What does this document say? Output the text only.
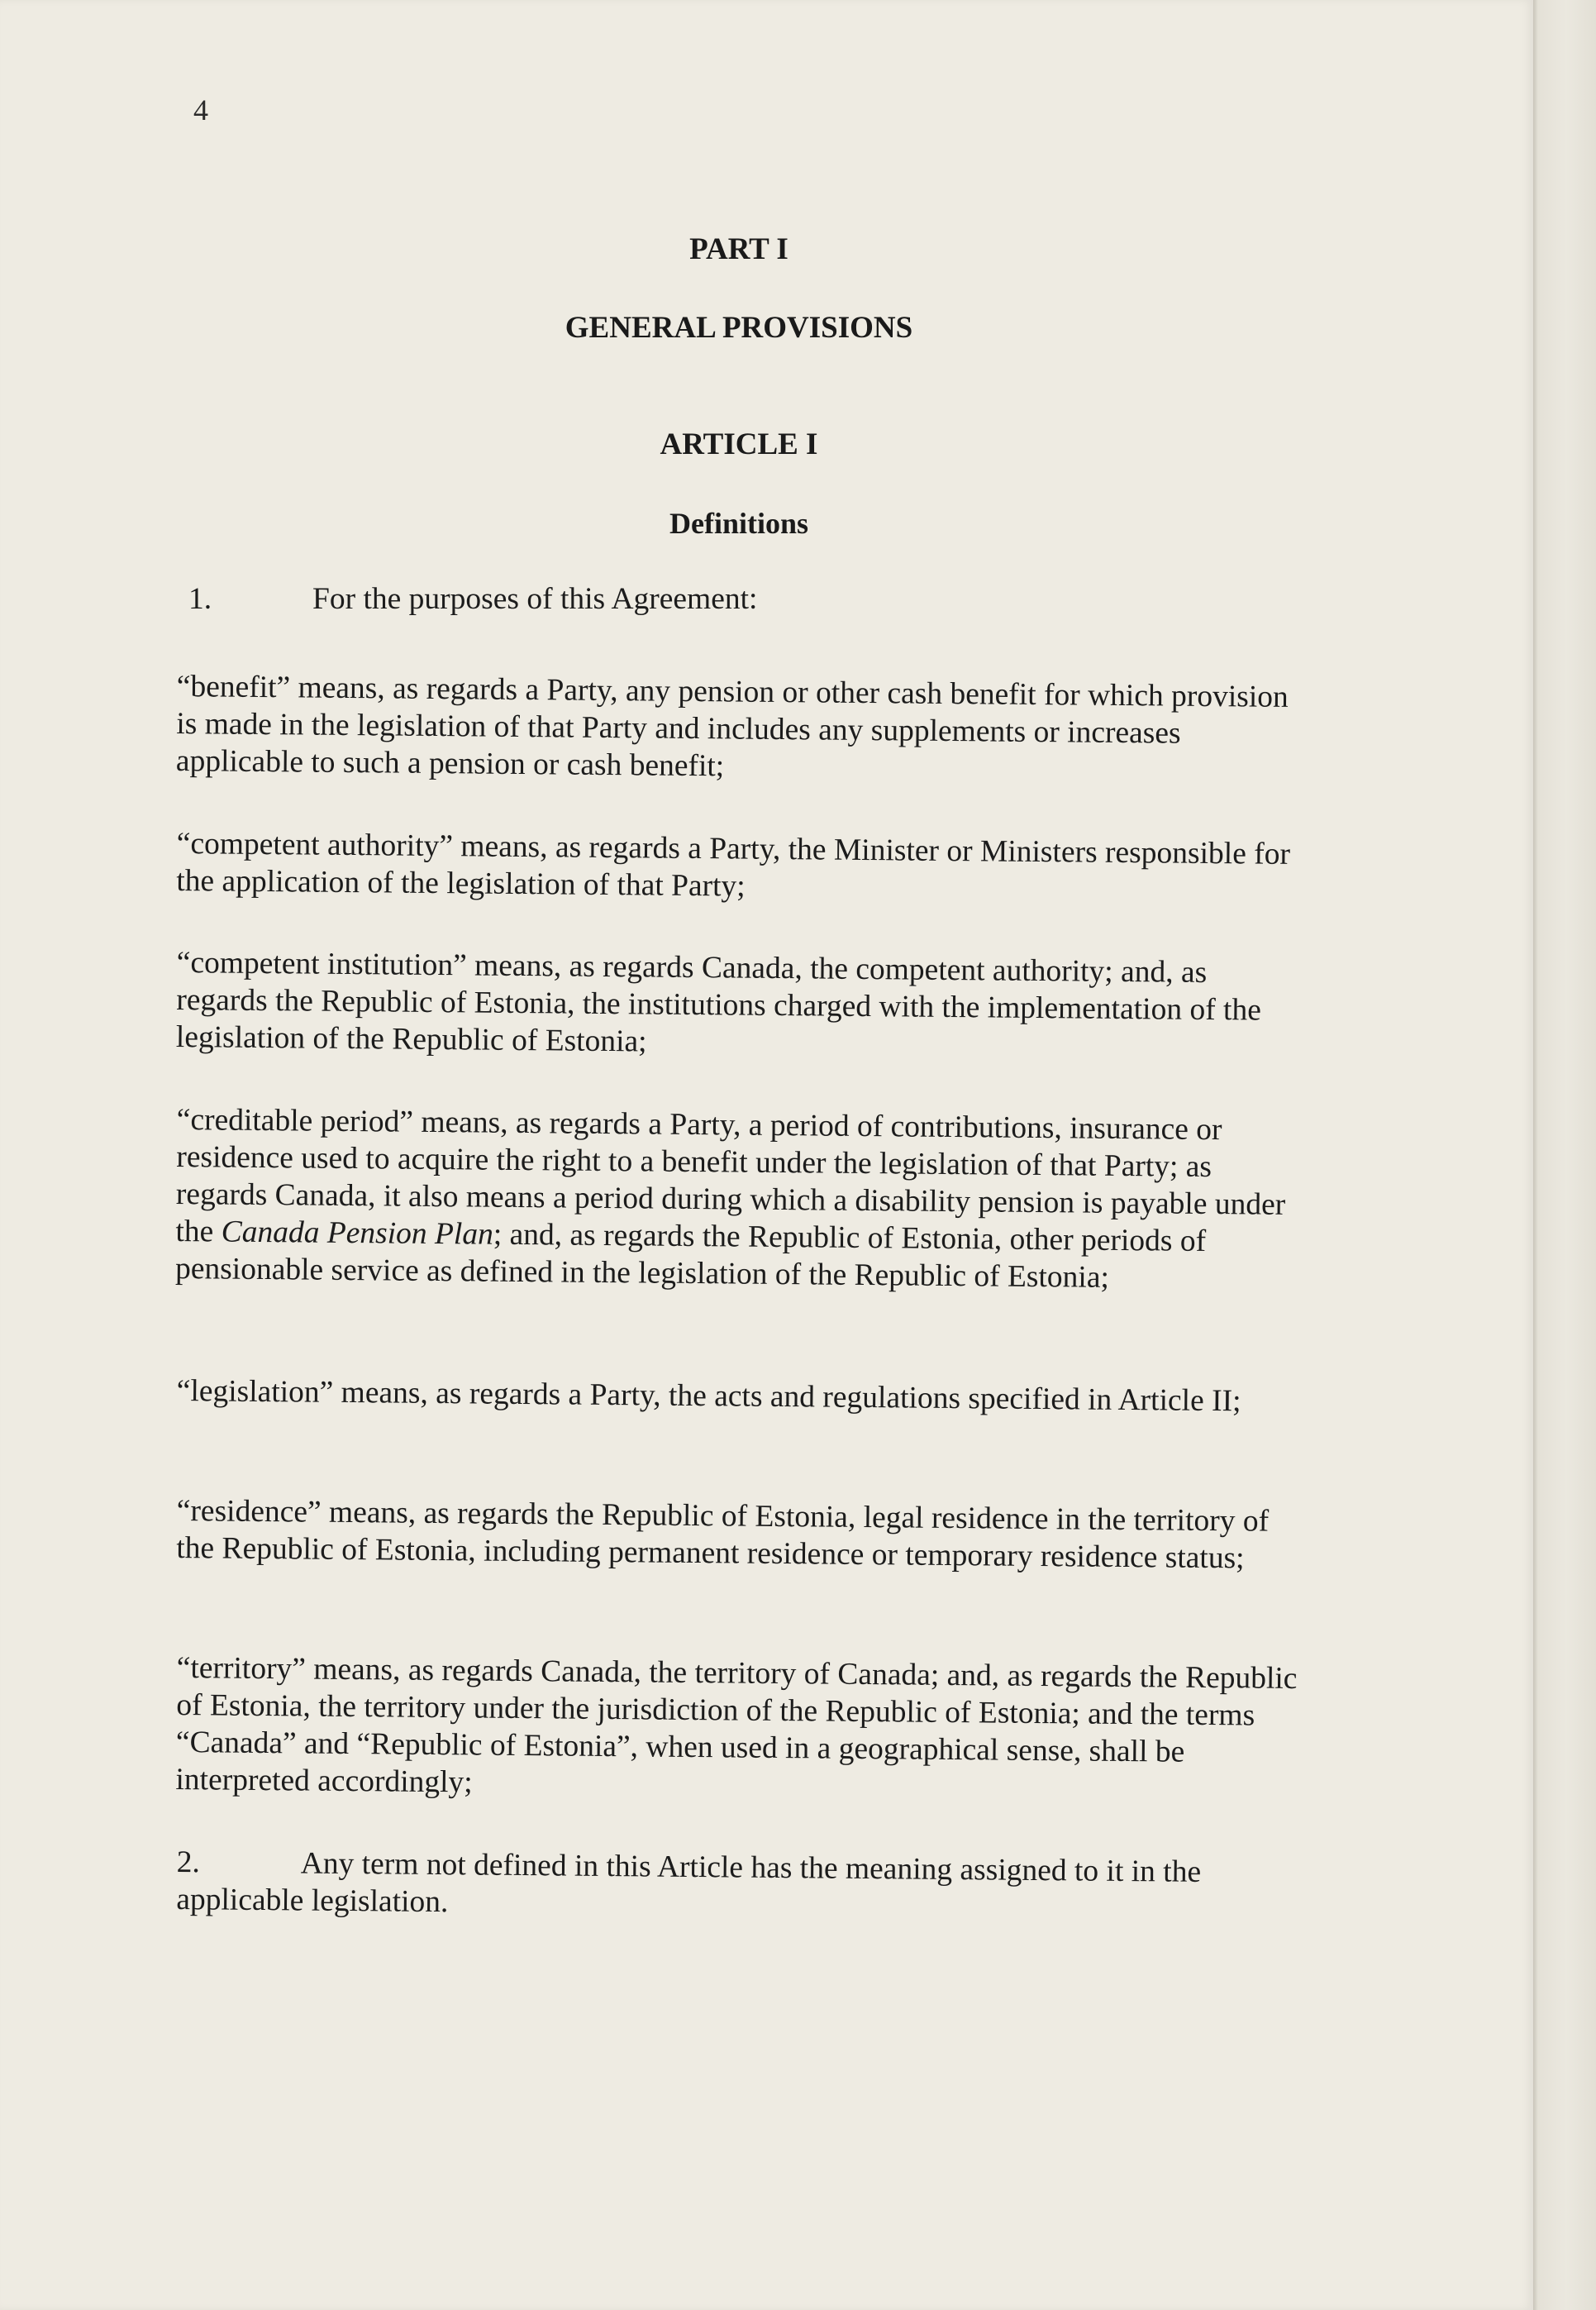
4
PART I
GENERAL PROVISIONS
ARTICLE I
Definitions
1.	For the purposes of this Agreement:
“benefit” means, as regards a Party, any pension or other cash benefit for which provision is made in the legislation of that Party and includes any supplements or increases applicable to such a pension or cash benefit;
“competent authority” means, as regards a Party, the Minister or Ministers responsible for the application of the legislation of that Party;
“competent institution” means, as regards Canada, the competent authority; and, as regards the Republic of Estonia, the institutions charged with the implementation of the legislation of the Republic of Estonia;
“creditable period” means, as regards a Party, a period of contributions, insurance or residence used to acquire the right to a benefit under the legislation of that Party; as regards Canada, it also means a period during which a disability pension is payable under the Canada Pension Plan; and, as regards the Republic of Estonia, other periods of pensionable service as defined in the legislation of the Republic of Estonia;
“legislation” means, as regards a Party, the acts and regulations specified in Article II;
“residence” means, as regards the Republic of Estonia, legal residence in the territory of the Republic of Estonia, including permanent residence or temporary residence status;
“territory” means, as regards Canada, the territory of Canada; and, as regards the Republic of Estonia, the territory under the jurisdiction of the Republic of Estonia; and the terms “Canada” and “Republic of Estonia”, when used in a geographical sense, shall be interpreted accordingly;
2.	Any term not defined in this Article has the meaning assigned to it in the applicable legislation.
